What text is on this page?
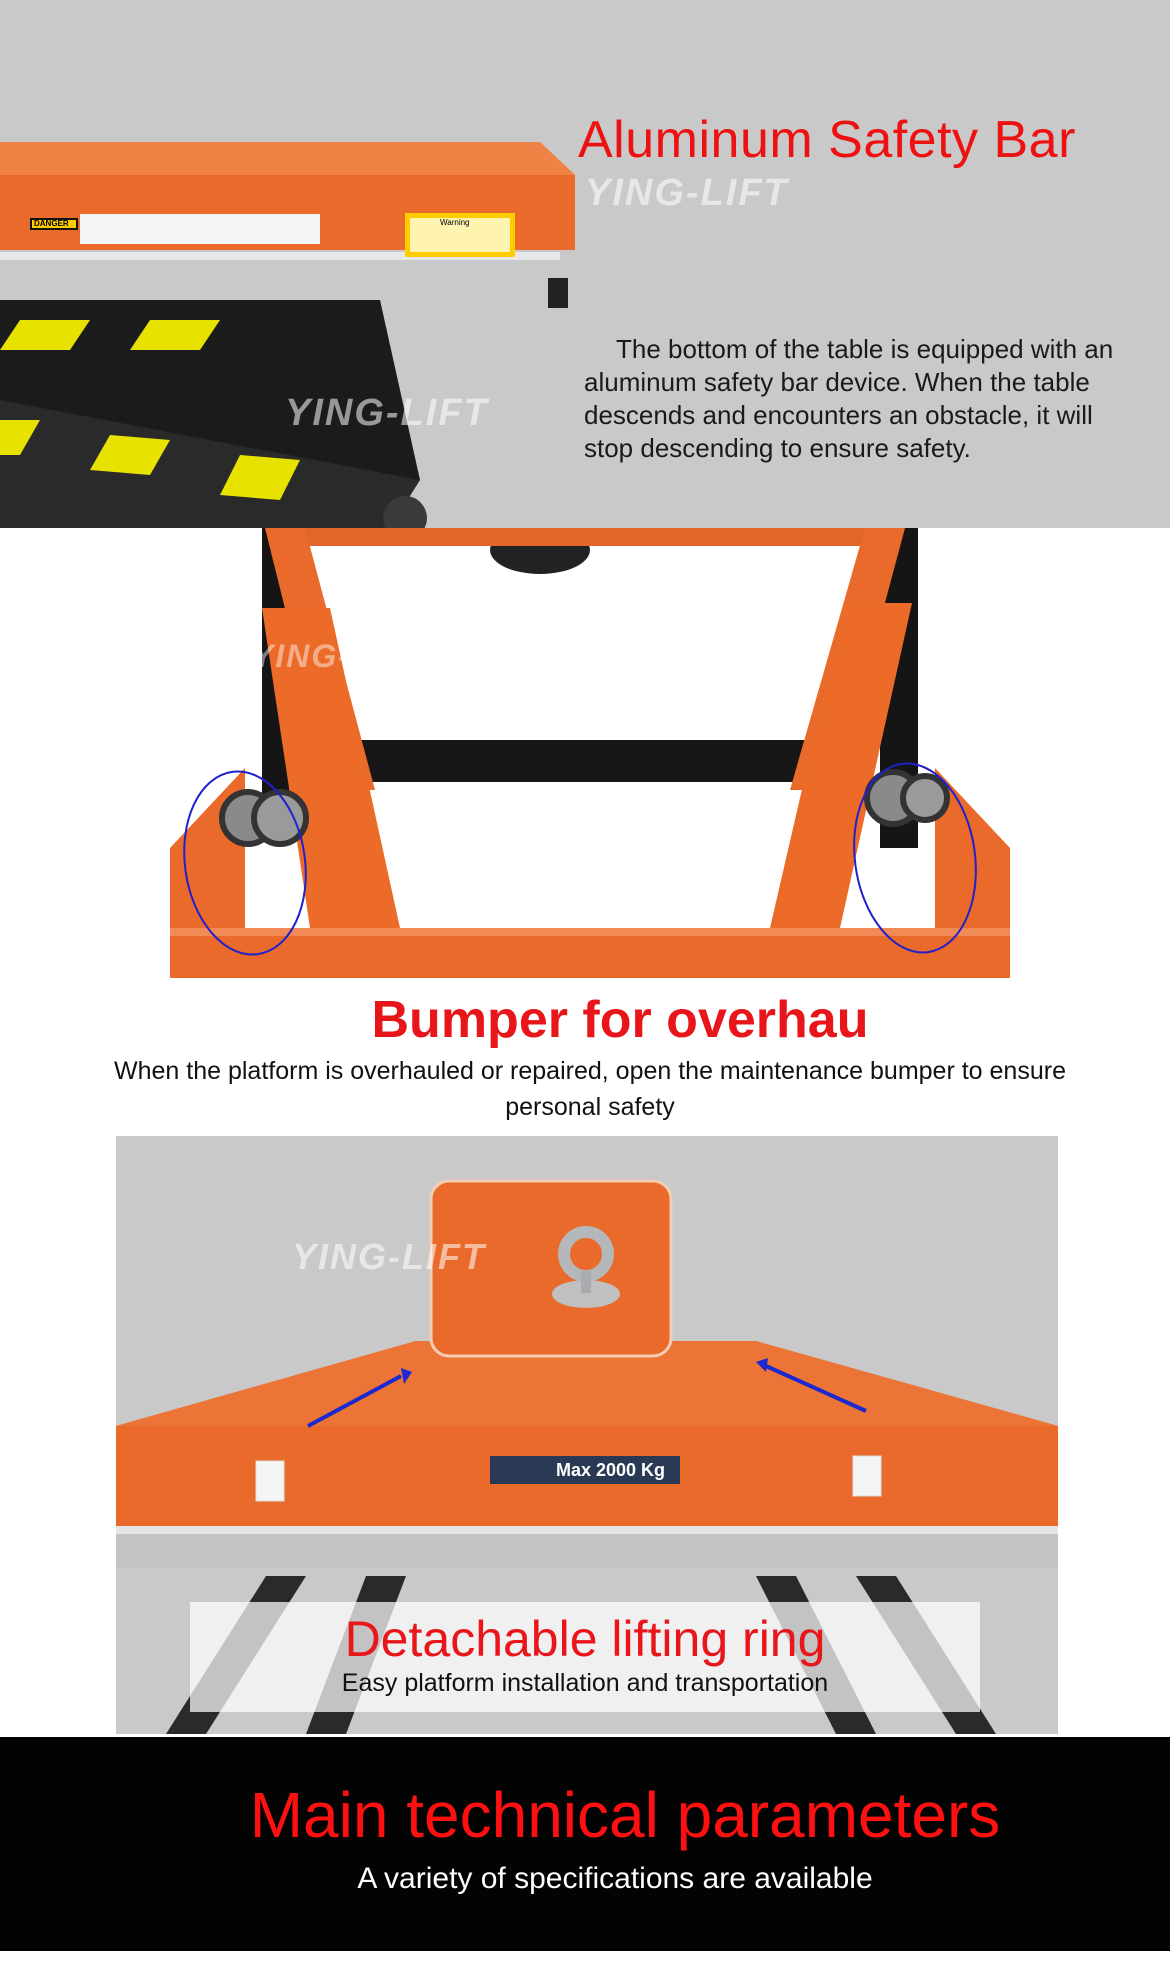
DANGER	Warning
YING-LIFT
YING-LIFT
Aluminum Safety Bar
The bottom of the table is equipped with an aluminum safety bar device. When the table descends and encounters an obstacle, it will stop descending to ensure safety.
YING-LIFT
Bumper for overhau
When the platform is overhauled or repaired, open the maintenance bumper to ensure personal safety
YING-LIFT
Max 2000 Kg
Detachable lifting ring
Easy platform installation and transportation
Main technical parameters
A variety of specifications are available
